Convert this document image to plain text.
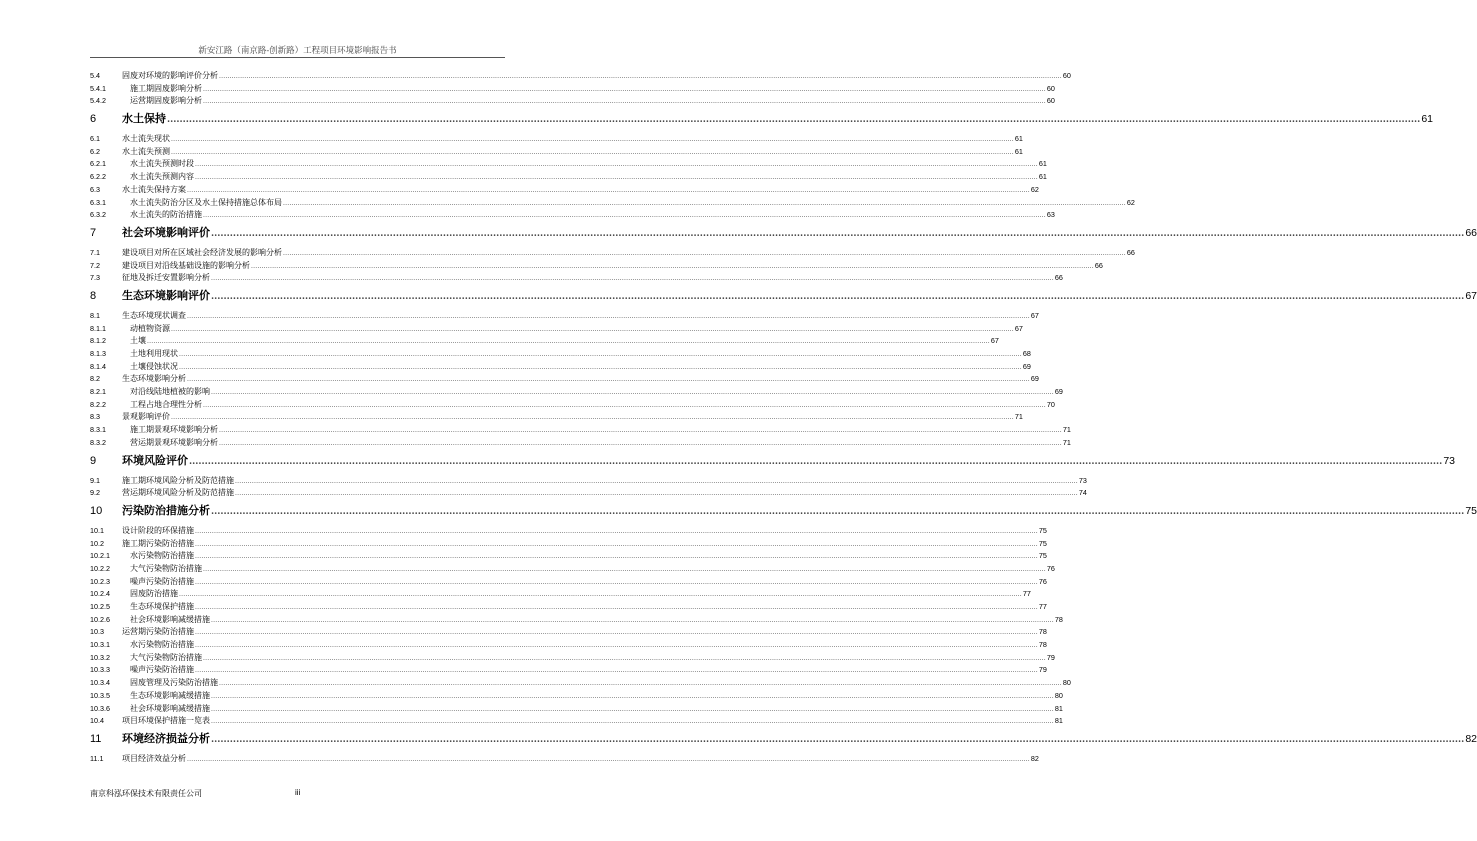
新安江路（南京路-创新路）工程项目环境影响报告书
5.4	固废对环境的影响评价分析 ................................................................................................................................................................................................................................................................................................................................................................................................................ 60
5.4.1	施工期固废影响分析 ................................................................................................................................................................................................................................................................................................................................................................................................................ 60
5.4.2	运营期固废影响分析 ................................................................................................................................................................................................................................................................................................................................................................................................................ 60
6	水土保持 ................................................................................................................................................................................................................................................................................................................................................................................................................ 61
6.1	水土流失现状 ................................................................................................................................................................................................................................................................................................................................................................................................................ 61
6.2	水土流失预测 ................................................................................................................................................................................................................................................................................................................................................................................................................ 61
6.2.1	水土流失预测时段 ................................................................................................................................................................................................................................................................................................................................................................................................................ 61
6.2.2	水土流失预测内容 ................................................................................................................................................................................................................................................................................................................................................................................................................ 61
6.3	水土流失保持方案 ................................................................................................................................................................................................................................................................................................................................................................................................................ 62
6.3.1	水土流失防治分区及水土保持措施总体布局 ................................................................................................................................................................................................................................................................................................................................................................................................................ 62
6.3.2	水土流失的防治措施 ................................................................................................................................................................................................................................................................................................................................................................................................................ 63
7	社会环境影响评价 ................................................................................................................................................................................................................................................................................................................................................................................................................ 66
7.1	建设项目对所在区域社会经济发展的影响分析 ................................................................................................................................................................................................................................................................................................................................................................................................................ 66
7.2	建设项目对沿线基础设施的影响分析 ................................................................................................................................................................................................................................................................................................................................................................................................................ 66
7.3	征地及拆迁安置影响分析 ................................................................................................................................................................................................................................................................................................................................................................................................................ 66
8	生态环境影响评价 ................................................................................................................................................................................................................................................................................................................................................................................................................ 67
8.1	生态环境现状调查 ................................................................................................................................................................................................................................................................................................................................................................................................................ 67
8.1.1	动植物资源 ................................................................................................................................................................................................................................................................................................................................................................................................................ 67
8.1.2	土壤 ................................................................................................................................................................................................................................................................................................................................................................................................................ 67
8.1.3	土地利用现状 ................................................................................................................................................................................................................................................................................................................................................................................................................ 68
8.1.4	土壤侵蚀状况 ................................................................................................................................................................................................................................................................................................................................................................................................................ 69
8.2	生态环境影响分析 ................................................................................................................................................................................................................................................................................................................................................................................................................ 69
8.2.1	对沿线陆地植被的影响 ................................................................................................................................................................................................................................................................................................................................................................................................................ 69
8.2.2	工程占地合理性分析 ................................................................................................................................................................................................................................................................................................................................................................................................................ 70
8.3	景观影响评价 ................................................................................................................................................................................................................................................................................................................................................................................................................ 71
8.3.1	施工期景观环境影响分析 ................................................................................................................................................................................................................................................................................................................................................................................................................ 71
8.3.2	营运期景观环境影响分析 ................................................................................................................................................................................................................................................................................................................................................................................................................ 71
9	环境风险评价 ................................................................................................................................................................................................................................................................................................................................................................................................................ 73
9.1	施工期环境风险分析及防范措施 ................................................................................................................................................................................................................................................................................................................................................................................................................ 73
9.2	营运期环境风险分析及防范措施 ................................................................................................................................................................................................................................................................................................................................................................................................................ 74
10	污染防治措施分析 ................................................................................................................................................................................................................................................................................................................................................................................................................ 75
10.1	设计阶段的环保措施 ................................................................................................................................................................................................................................................................................................................................................................................................................ 75
10.2	施工期污染防治措施 ................................................................................................................................................................................................................................................................................................................................................................................................................ 75
10.2.1	水污染物防治措施 ................................................................................................................................................................................................................................................................................................................................................................................................................ 75
10.2.2	大气污染物防治措施 ................................................................................................................................................................................................................................................................................................................................................................................................................ 76
10.2.3	噪声污染防治措施 ................................................................................................................................................................................................................................................................................................................................................................................................................ 76
10.2.4	固废防治措施 ................................................................................................................................................................................................................................................................................................................................................................................................................ 77
10.2.5	生态环境保护措施 ................................................................................................................................................................................................................................................................................................................................................................................................................ 77
10.2.6	社会环境影响减缓措施 ................................................................................................................................................................................................................................................................................................................................................................................................................ 78
10.3	运营期污染防治措施 ................................................................................................................................................................................................................................................................................................................................................................................................................ 78
10.3.1	水污染物防治措施 ................................................................................................................................................................................................................................................................................................................................................................................................................ 78
10.3.2	大气污染物防治措施 ................................................................................................................................................................................................................................................................................................................................................................................................................ 79
10.3.3	噪声污染防治措施 ................................................................................................................................................................................................................................................................................................................................................................................................................ 79
10.3.4	固废管理及污染防治措施 ................................................................................................................................................................................................................................................................................................................................................................................................................ 80
10.3.5	生态环境影响减缓措施 ................................................................................................................................................................................................................................................................................................................................................................................................................ 80
10.3.6	社会环境影响减缓措施 ................................................................................................................................................................................................................................................................................................................................................................................................................ 81
10.4	项目环境保护措施一览表 ................................................................................................................................................................................................................................................................................................................................................................................................................ 81
11	环境经济损益分析 ................................................................................................................................................................................................................................................................................................................................................................................................................ 82
11.1	项目经济效益分析 ................................................................................................................................................................................................................................................................................................................................................................................................................ 82
南京科泓环保技术有限责任公司	iii
